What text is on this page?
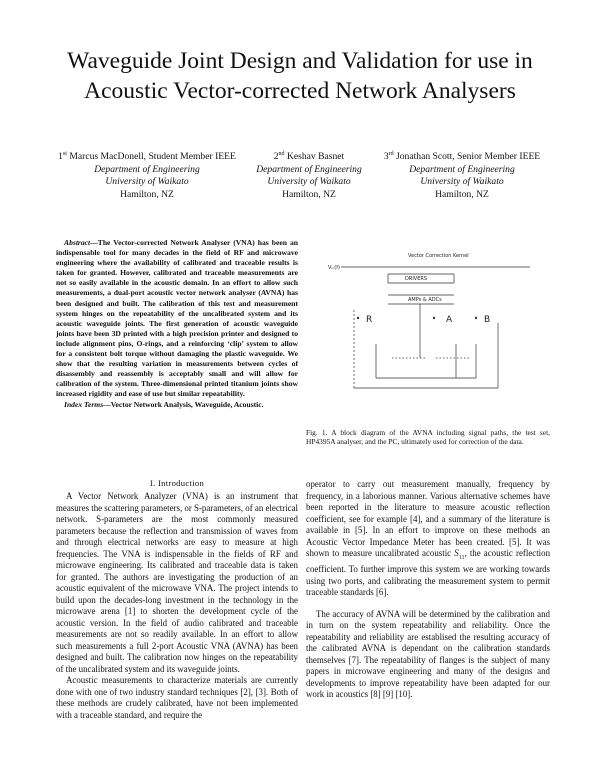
Waveguide Joint Design and Validation for use in
Acoustic Vector-corrected Network Analysers
1st Marcus MacDonell, Student Member IEEE
Department of Engineering
University of Waikato
Hamilton, NZ
2nd Keshav Basnet
Department of Engineering
University of Waikato
Hamilton, NZ
3rd Jonathan Scott, Senior Member IEEE
Department of Engineering
University of Waikato
Hamilton, NZ
Abstract—The Vector-corrected Network Analyser (VNA) has been an indispensable tool for many decades in the field of RF and microwave engineering where the availability of calibrated and traceable results is taken for granted. However, calibrated and traceable measurements are not so easily available in the acoustic domain. In an effort to allow such measurements, a dual-port acoustic vector network analyser (AVNA) has been designed and built. The calibration of this test and measurement system hinges on the repeatability of the uncalibrated system and its acoustic waveguide joints. The first generation of acoustic waveguide joints have been 3D printed with a high precision printer and designed to include alignment pins, O-rings, and a reinforcing ‘clip’ system to allow for a consistent bolt torque without damaging the plastic waveguide. We show that the resulting variation in measurements between cycles of disassembly and reassembly is acceptably small and will allow for calibration of the system. Three-dimensional printed titanium joints show increased rigidity and ease of use but similar repeatability.
Index Terms—Vector Network Analysis, Waveguide, Acoustic.
I. Introduction

A Vector Network Analyzer (VNA) is an instrument that measures the scattering parameters, or S-parameters, of an electrical network. S-parameters are the most commonly measured parameters because the reflection and transmission of waves from and through electrical networks are easy to measure at high frequencies. The VNA is indispensable in the fields of RF and microwave engineering. Its calibrated and traceable data is taken for granted. The authors are investigating the production of an acoustic equivalent of the microwave VNA. The project intends to build upon the decades-long investment in the technology in the microwave arena [1] to shorten the development cycle of the acoustic version. In the field of audio calibrated and traceable measurements are not so readily available. In an effort to allow such measurements a full 2-port Acoustic VNA (AVNA) has been designed and built. The calibration now hinges on the repeatability of the uncalibrated system and its waveguide joints.

Acoustic measurements to characterize materials are currently done with one of two industry standard techniques [2], [3]. Both of these methods are crudely calibrated, have not been implemented with a traceable standard, and require the

Vector Correction Kernel
Vᵢₙ(f)
DRIVERS
AMPs & ADCs
R	A	B
Fig. 1. A block diagram of the AVNA including signal paths, the test set, HP4395A analyser, and the PC, ultimately used for correction of the data.

operator to carry out measurement manually, frequency by frequency, in a laborious manner. Various alternative schemes have been reported in the literature to measure acoustic reflection coefficient, see for example [4], and a summary of the literature is available in [5]. In an effort to improve on these methods an Acoustic Vector Impedance Meter has been created. [5]. It was shown to measure uncalibrated acoustic $S_{11}$, the acoustic reflection coefficient. To further improve this system we are working towards using two ports, and calibrating the measurement system to permit traceable standards [6].

The accuracy of AVNA will be determined by the calibration and in turn on the system repeatability and reliability. Once the repeatability and reliability are establised the resulting accuracy of the calibrated AVNA is dependant on the calibration standards themselves [7]. The repeatability of flanges is the subject of many papers in microwave engineering and many of the designs and developments to improve repeatability have been adapted for our work in acoustics [8] [9] [10].
